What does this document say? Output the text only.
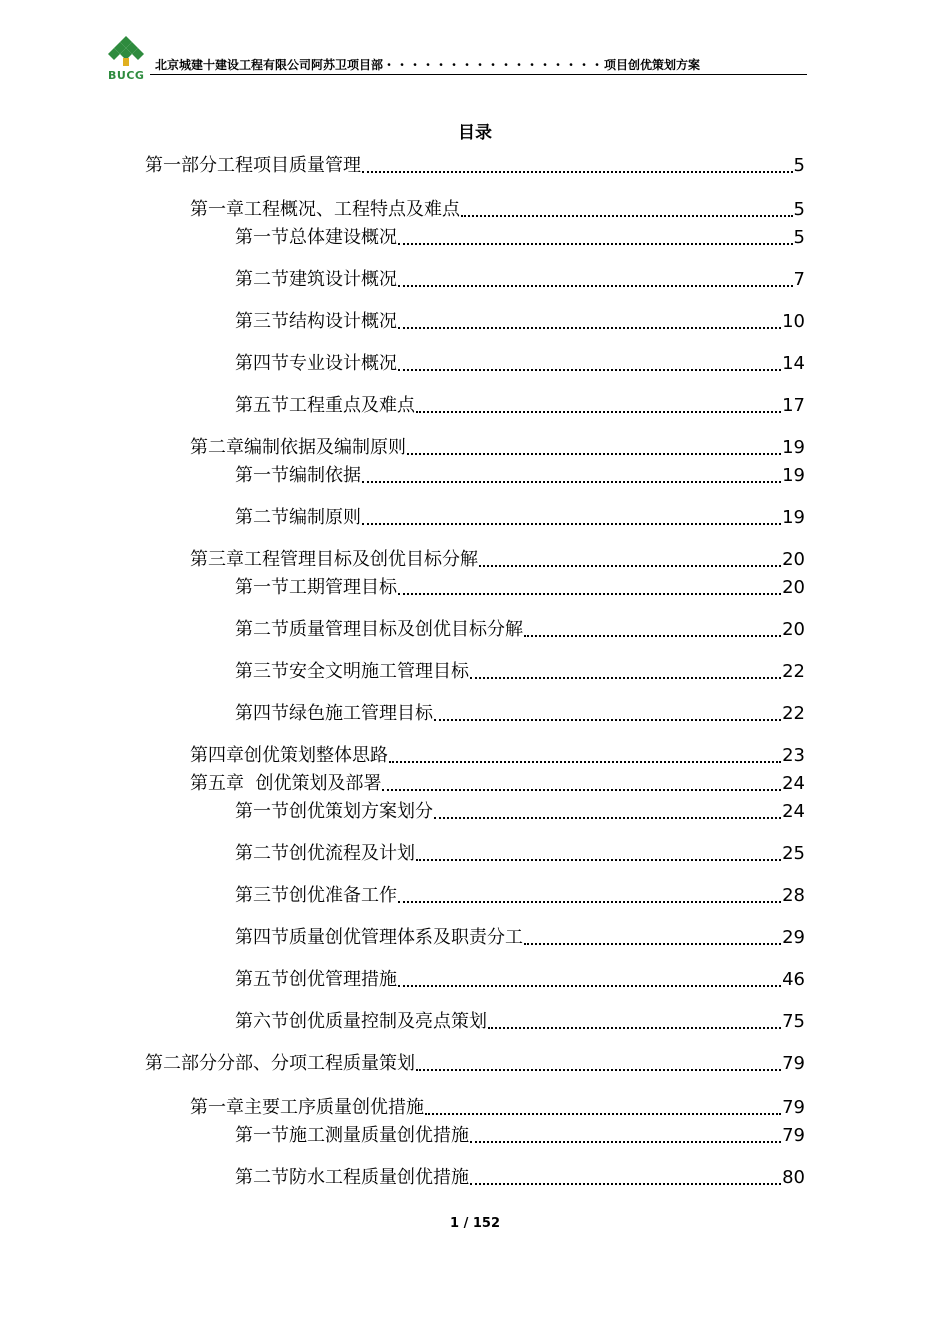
BUCG
北京城建十建设工程有限公司阿苏卫项目部・・・・・・・・・・・・・・・・・项目创优策划方案
目录
第一部分工程项目质量管理	5
第一章工程概况、工程特点及难点	5
第一节总体建设概况	5
第二节建筑设计概况	7
第三节结构设计概况	10
第四节专业设计概况	14
第五节工程重点及难点	17
第二章编制依据及编制原则	19
第一节编制依据	19
第二节编制原则	19
第三章工程管理目标及创优目标分解	20
第一节工期管理目标	20
第二节质量管理目标及创优目标分解	20
第三节安全文明施工管理目标	22
第四节绿色施工管理目标	22
第四章创优策划整体思路	23
第五章  创优策划及部署	24
第一节创优策划方案划分	24
第二节创优流程及计划	25
第三节创优准备工作	28
第四节质量创优管理体系及职责分工	29
第五节创优管理措施	46
第六节创优质量控制及亮点策划	75
第二部分分部、分项工程质量策划	79
第一章主要工序质量创优措施	79
第一节施工测量质量创优措施	79
第二节防水工程质量创优措施	80
1 / 152
